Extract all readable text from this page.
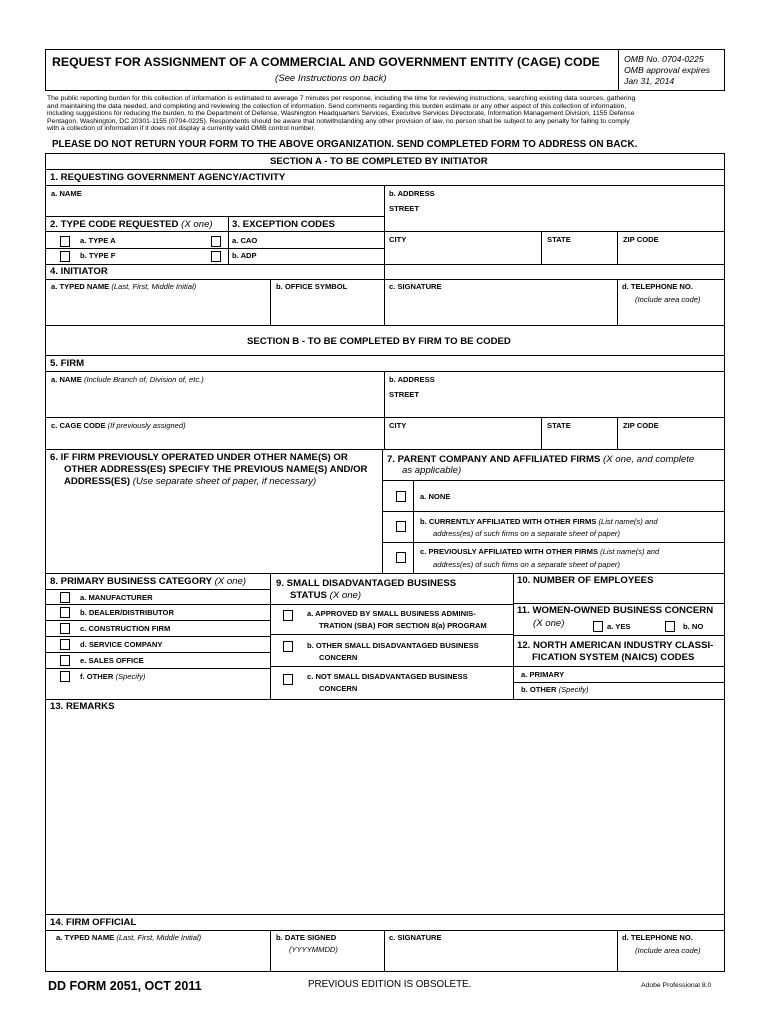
REQUEST FOR ASSIGNMENT OF A COMMERCIAL AND GOVERNMENT ENTITY (CAGE) CODE
(See Instructions on back)
OMB No. 0704-0225
OMB approval expires
Jan 31, 2014
The public reporting burden for this collection of information is estimated to average 7 minutes per response, including the time for reviewing instructions, searching existing data sources, gathering
and maintaining the data needed, and completing and reviewing the collection of information. Send comments regarding this burden estimate or any other aspect of this collection of information,
including suggestions for reducing the burden, to the Department of Defense, Washington Headquarters Services, Executive Services Directorate, Information Management Division, 1155 Defense
Pentagon, Washington, DC 20301-1155 (0704-0225). Respondents should be aware that notwithstanding any other provision of law, no person shall be subject to any penalty for failing to comply
with a collection of information if it does not display a currently valid OMB control number.
PLEASE DO NOT RETURN YOUR FORM TO THE ABOVE ORGANIZATION. SEND COMPLETED FORM TO ADDRESS ON BACK.
SECTION A - TO BE COMPLETED BY INITIATOR
1. REQUESTING GOVERNMENT AGENCY/ACTIVITY
a. NAME	b. ADDRESS
STREET
2. TYPE CODE REQUESTED (X one) 3. EXCEPTION CODES
a. TYPE A	a. CAO
b. TYPE F	b. ADP
CITY	STATE	ZIP CODE
4. INITIATOR
a. TYPED NAME (Last, First, Middle Initial)	b. OFFICE SYMBOL	c. SIGNATURE	d. TELEPHONE NO.
(Include area code)
SECTION B - TO BE COMPLETED BY FIRM TO BE CODED
5. FIRM
a. NAME (Include Branch of, Division of, etc.)	b. ADDRESS
STREET
c. CAGE CODE (If previously assigned)	CITY	STATE	ZIP CODE
6. IF FIRM PREVIOUSLY OPERATED UNDER OTHER NAME(S) OR
OTHER ADDRESS(ES) SPECIFY THE PREVIOUS NAME(S) AND/OR
ADDRESS(ES) (Use separate sheet of paper, if necessary)
7. PARENT COMPANY AND AFFILIATED FIRMS (X one, and complete
as applicable)
a. NONE
b. CURRENTLY AFFILIATED WITH OTHER FIRMS (List name(s) and
address(es) of such firms on a separate sheet of paper)
c. PREVIOUSLY AFFILIATED WITH OTHER FIRMS (List name(s) and
address(es) of such firms on a separate sheet of paper)
8. PRIMARY BUSINESS CATEGORY (X one)
a. MANUFACTURER
b. DEALER/DISTRIBUTOR
c. CONSTRUCTION FIRM
d. SERVICE COMPANY
e. SALES OFFICE
f. OTHER (Specify)
9. SMALL DISADVANTAGED BUSINESS
STATUS (X one)
a. APPROVED BY SMALL BUSINESS ADMINIS-
TRATION (SBA) FOR SECTION 8(a) PROGRAM
b. OTHER SMALL DISADVANTAGED BUSINESS
CONCERN
c. NOT SMALL DISADVANTAGED BUSINESS
CONCERN
10. NUMBER OF EMPLOYEES
11. WOMEN-OWNED BUSINESS CONCERN
(X one)	a. YES	b. NO
12. NORTH AMERICAN INDUSTRY CLASSI-
FICATION SYSTEM (NAICS) CODES
a. PRIMARY
b. OTHER (Specify)
13. REMARKS
14. FIRM OFFICIAL
a. TYPED NAME (Last, First, Middle Initial)	b. DATE SIGNED
(YYYYMMDD)
c. SIGNATURE	d. TELEPHONE NO.
(Include area code)
DD FORM 2051, OCT 2011	PREVIOUS EDITION IS OBSOLETE.	Adobe Professional 8.0
